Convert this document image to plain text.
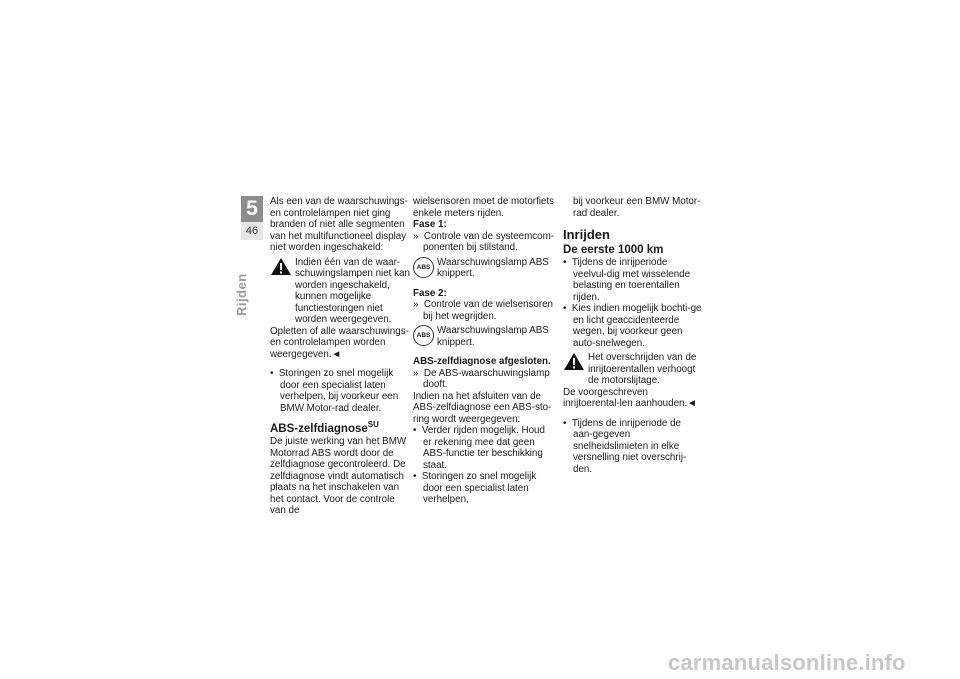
5
46
Rijden

Als een van de waarschuwings-en controlelampen niet ging branden of niet alle segmenten van het multifunctioneel display niet worden ingeschakeld:

Indien één van de waar-schuwingslampen niet kan worden ingeschakeld, kunnen mogelijke functiestoringen niet worden weergegeven.

Opletten of alle waarschuwings-en controlelampen worden weergegeven.◄

•  Storingen zo snel mogelijk door een specialist laten verhelpen, bij voorkeur een BMW Motor-rad dealer.

ABS-zelfdiagnose$^{SU}$

De juiste werking van het BMW Motorrad ABS wordt door de zelfdiagnose gecontroleerd. De zelfdiagnose vindt automatisch plaats na het inschakelen van het contact. Voor de controle van de

wielsensoren moet de motorfiets enkele meters rijden.

Fase 1:

»  Controle van de systeemcom-ponenten bij stilstand.

ABS Waarschuwingslamp ABS knippert.

Fase 2:

»  Controle van de wielsensoren bij het wegrijden.

ABS Waarschuwingslamp ABS knippert.

ABS-zelfdiagnose afgesloten.

»  De ABS-waarschuwingslamp dooft.

Indien na het afsluiten van de ABS-zelfdiagnose een ABS-sto-ring wordt weergegeven:

•  Verder rijden mogelijk. Houd er rekening mee dat geen ABS-functie ter beschikking staat.

•  Storingen zo snel mogelijk door een specialist laten verhelpen,

bij voorkeur een BMW Motor-rad dealer.

Inrijden
De eerste 1000 km

•  Tijdens de inrijperiode veelvul-dig met wisselende belasting en toerentallen rijden.

•  Kies indien mogelijk bochti-ge en licht geaccidenteerde wegen, bij voorkeur geen auto-snelwegen.

Het overschrijden van de inrijtoerentallen verhoogt de motorslijtage.

De voorgeschreven inrijtoerental-len aanhouden.◄

•  Tijdens de inrijperiode de aan-gegeven snelheidslimieten in elke versnelling niet overschrij-den.

carmanualsonline.info
